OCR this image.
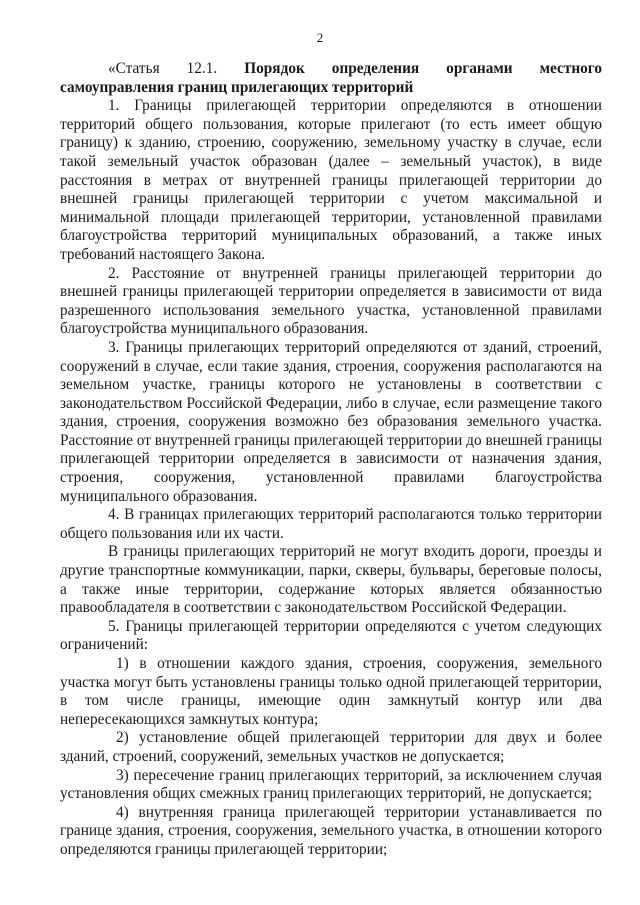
2

«Статья 12.1. Порядок определения органами местного самоуправления границ прилегающих территорий

1. Границы прилегающей территории определяются в отношении территорий общего пользования, которые прилегают (то есть имеет общую границу) к зданию, строению, сооружению, земельному участку в случае, если такой земельный участок образован (далее – земельный участок), в виде расстояния в метрах от внутренней границы прилегающей территории до внешней границы прилегающей территории с учетом максимальной и минимальной площади прилегающей территории, установленной правилами благоустройства территорий муниципальных образований, а также иных требований настоящего Закона.

2. Расстояние от внутренней границы прилегающей территории до внешней границы прилегающей территории определяется в зависимости от вида разрешенного использования земельного участка, установленной правилами благоустройства муниципального образования.

3. Границы прилегающих территорий определяются от зданий, строений, сооружений в случае, если такие здания, строения, сооружения располагаются на земельном участке, границы которого не установлены в соответствии с законодательством Российской Федерации, либо в случае, если размещение такого здания, строения, сооружения возможно без образования земельного участка. Расстояние от внутренней границы прилегающей территории до внешней границы прилегающей территории определяется в зависимости от назначения здания, строения, сооружения, установленной правилами благоустройства муниципального образования.

4. В границах прилегающих территорий располагаются только территории общего пользования или их части.

В границы прилегающих территорий не могут входить дороги, проезды и другие транспортные коммуникации, парки, скверы, бульвары, береговые полосы, а также иные территории, содержание которых является обязанностью правообладателя в соответствии с законодательством Российской Федерации.

5. Границы прилегающей территории определяются с учетом следующих ограничений:

1) в отношении каждого здания, строения, сооружения, земельного участка могут быть установлены границы только одной прилегающей территории, в том числе границы, имеющие один замкнутый контур или два непересекающихся замкнутых контура;

2) установление общей прилегающей территории для двух и более зданий, строений, сооружений, земельных участков не допускается;

3) пересечение границ прилегающих территорий, за исключением случая установления общих смежных границ прилегающих территорий, не допускается;

4) внутренняя граница прилегающей территории устанавливается по границе здания, строения, сооружения, земельного участка, в отношении которого определяются границы прилегающей территории;
